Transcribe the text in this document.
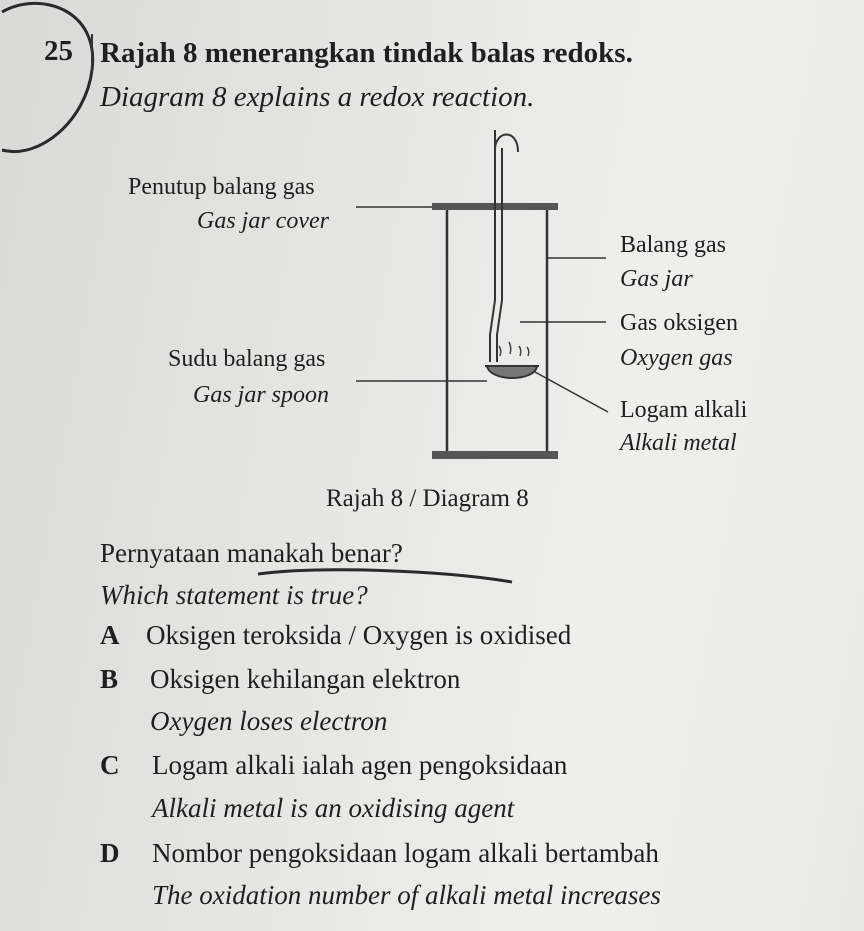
25 Rajah 8 menerangkan tindak balas redoks.
Diagram 8 explains a redox reaction.
Penutup balang gas
Gas jar cover
Sudu balang gas
Gas jar spoon
Balang gas
Gas jar
Gas oksigen
Oxygen gas
Logam alkali
Alkali metal
Rajah 8 / Diagram 8
Pernyataan manakah benar?
Which statement is true?
A Oksigen teroksida / Oxygen is oxidised
B Oksigen kehilangan elektron
Oxygen loses electron
C Logam alkali ialah agen pengoksidaan
Alkali metal is an oxidising agent
D Nombor pengoksidaan logam alkali bertambah
The oxidation number of alkali metal increases
